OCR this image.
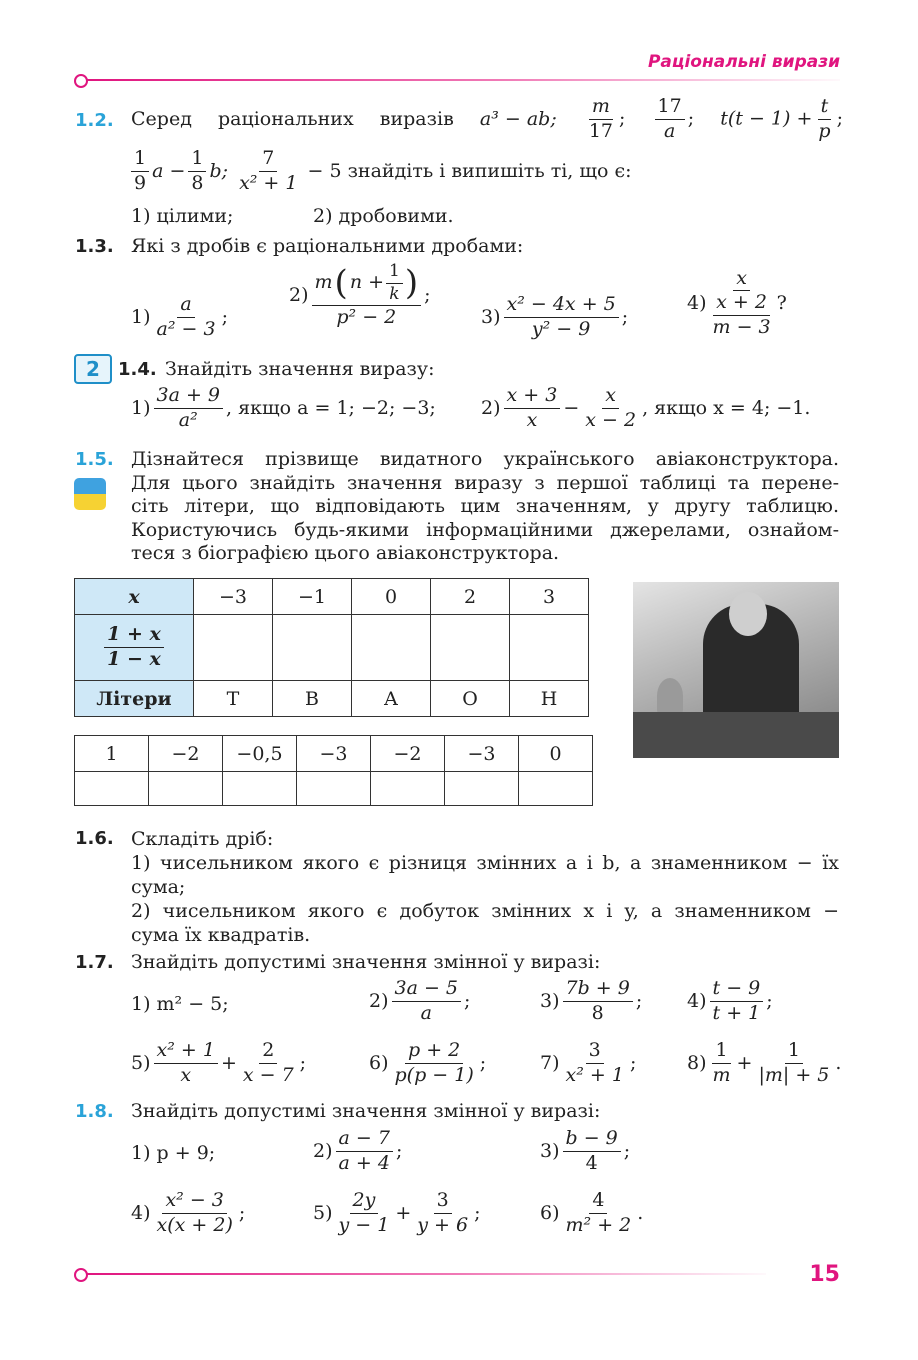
Раціональні вирази
1.2. Серед раціональних виразів a³ − ab; $\frac{m}{17}$ ; $\frac{17}{a}$ ; $t(t - 1) + \frac{t}{p}$ ;
1
9
$a - \frac{1}{8} b$;
7
x² + 1
− 5 знайдіть і випишіть ті, що є:
1) цілими;	2) дробовими.
1.3. Які з дробів є раціональними дробами:
1)
a
a² − 3
;
2)
m ( $n + \frac{1}{k}$ )
p² − 2
;
3)
x² − 4x + 5
y² − 9
;
4)
x
x + 2
m − 3
?
2	1.4. Знайдіть значення виразу:
1)
3a + 9
a²
, якщо a = 1; −2; −3; 2)
x + 3
x
− $\frac{x}{x - 2}$ , якщо x = 4; −1.
1.5. Дізнайтеся прізвище видатного українського авіаконструктора.
Для цього знайдіть значення виразу з першої таблиці та перене-
сіть літери, що відповідають цим значенням, у другу таблицю.
Користуючись будь-якими інформаційними джерелами, ознайом-
теся з біографією цього авіаконструктора.
x	−3	−1	0	2	3

$\frac{1 + x}{1 - x}$

Літери	Т	В	А	О	Н
1	−2	−0,5	−3	−2	−3	0

1.6. Складіть дріб:
1) чисельником якого є різниця змінних a і b, а знаменником − їх
сума;
2) чисельником якого є добуток змінних x і y, а знаменником −
сума їх квадратів.
1.7. Знайдіть допустимі значення змінної у виразі:
1) m² − 5;	2)
3a − 5
a
;	3)
7b + 9
8
; 4)
t − 9
t + 1
;
5)
x² + 1
x
+
2
x − 7
;	6)
p + 2
p(p − 1)
;	7)
3
x² + 1
;	8)
1
m
+
1
|m| + 5
.
1.8. Знайдіть допустимі значення змінної у виразі:
1) p + 9;	2)
a − 7
a + 4
;	3)
b − 9
4
;
4)
x² − 3
x(x + 2)
;	5)
2y
y − 1
+
3
y + 6
;	6)
4
m² + 2
.
15
